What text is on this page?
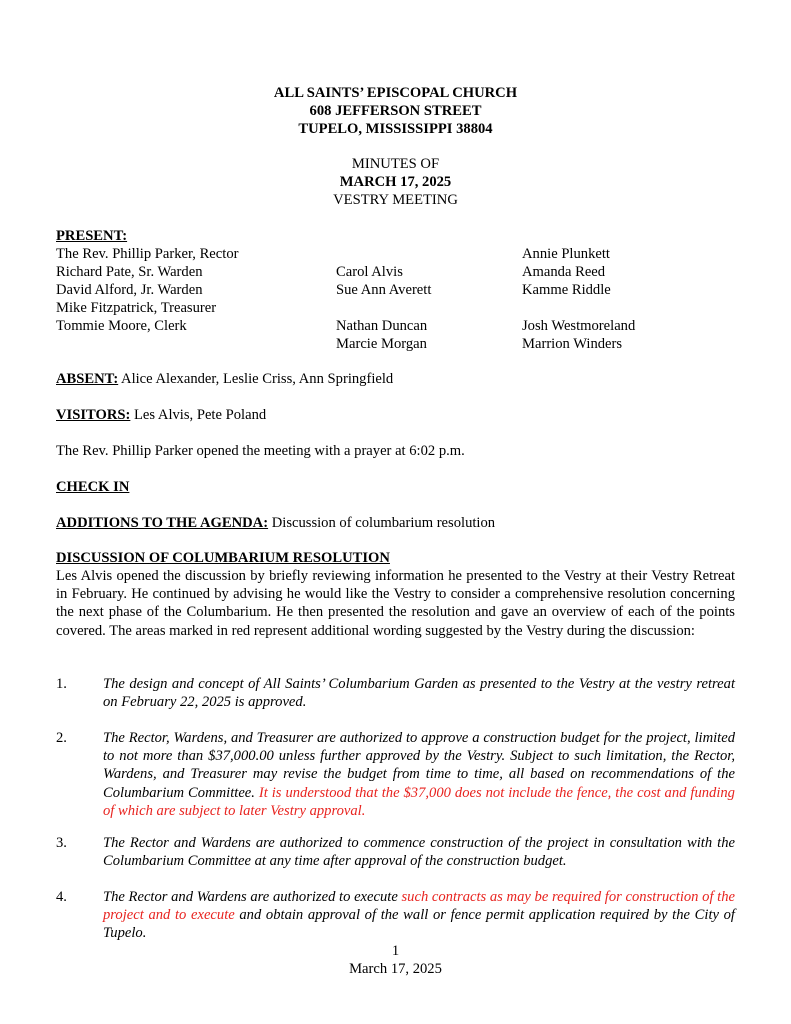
ALL SAINTS’ EPISCOPAL CHURCH
608 JEFFERSON STREET
TUPELO, MISSISSIPPI 38804
MINUTES OF
MARCH 17, 2025
VESTRY MEETING
PRESENT:
The Rev. Phillip Parker, Rector
Richard Pate, Sr. Warden
David Alford, Jr. Warden
Mike Fitzpatrick, Treasurer
Tommie Moore, Clerk
Carol Alvis
Sue Ann Averett
Nathan Duncan
Marcie Morgan
Annie Plunkett
Amanda Reed
Kamme Riddle
Josh Westmoreland
Marrion Winders
ABSENT: Alice Alexander, Leslie Criss, Ann Springfield
VISITORS: Les Alvis, Pete Poland
The Rev. Phillip Parker opened the meeting with a prayer at 6:02 p.m.
CHECK IN
ADDITIONS TO THE AGENDA: Discussion of columbarium resolution
DISCUSSION OF COLUMBARIUM RESOLUTION
Les Alvis opened the discussion by briefly reviewing information he presented to the Vestry at their Vestry Retreat in February. He continued by advising he would like the Vestry to consider a comprehensive resolution concerning the next phase of the Columbarium. He then presented the resolution and gave an overview of each of the points covered. The areas marked in red represent additional wording suggested by the Vestry during the discussion:
1. The design and concept of All Saints’ Columbarium Garden as presented to the Vestry at the vestry retreat on February 22, 2025 is approved.
2. The Rector, Wardens, and Treasurer are authorized to approve a construction budget for the project, limited to not more than $37,000.00 unless further approved by the Vestry. Subject to such limitation, the Rector, Wardens, and Treasurer may revise the budget from time to time, all based on recommendations of the Columbarium Committee. It is understood that the $37,000 does not include the fence, the cost and funding of which are subject to later Vestry approval.
3. The Rector and Wardens are authorized to commence construction of the project in consultation with the Columbarium Committee at any time after approval of the construction budget.
4. The Rector and Wardens are authorized to execute such contracts as may be required for construction of the project and to execute and obtain approval of the wall or fence permit application required by the City of Tupelo.
1
March 17, 2025
